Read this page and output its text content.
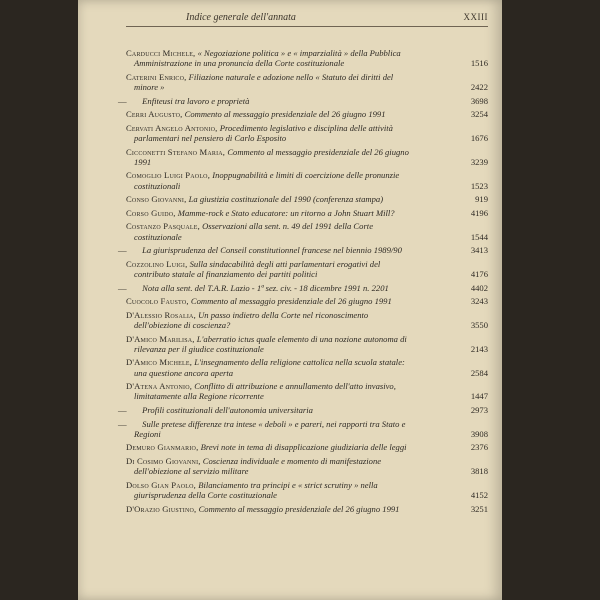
Indice generale dell'annata	XXIII
Carducci Michele, « Negoziazione politica » e « imparzialità » della Pubblica Amministrazione in una pronuncia della Corte costituzionale	1516
Caterini Enrico, Filiazione naturale e adozione nello « Statuto dei diritti del minore »	2422
— Enfiteusi tra lavoro e proprietà	3698
Cerri Augusto, Commento al messaggio presidenziale del 26 giugno 1991	3254
Cervati Angelo Antonio, Procedimento legislativo e disciplina delle attività parlamentari nel pensiero di Carlo Esposito	1676
Cicconetti Stefano Maria, Commento al messaggio presidenziale del 26 giugno 1991	3239
Comoglio Luigi Paolo, Inoppugnabilità e limiti di coercizione delle pronunzie costituzionali	1523
Conso Giovanni, La giustizia costituzionale del 1990 (conferenza stampa)	919
Corso Guido, Mamme-rock e Stato educatore: un ritorno a John Stuart Mill?	4196
Costanzo Pasquale, Osservazioni alla sent. n. 49 del 1991 della Corte costituzionale	1544
— La giurisprudenza del Conseil constitutionnel francese nel biennio 1989/90	3413
Cozzolino Luigi, Sulla sindacabilità degli atti parlamentari erogativi del contributo statale al finanziamento dei partiti politici	4176
— Nota alla sent. del T.A.R. Lazio - 1ª sez. civ. - 18 dicembre 1991 n. 2201	4402
Cuocolo Fausto, Commento al messaggio presidenziale del 26 giugno 1991	3243
D'Alessio Rosalia, Un passo indietro della Corte nel riconoscimento dell'obiezione di coscienza?	3550
D'Amico Marilisa, L'aberratio ictus quale elemento di una nozione autonoma di rilevanza per il giudice costituzionale	2143
D'Amico Michele, L'insegnamento della religione cattolica nella scuola statale: una questione ancora aperta	2584
D'Atena Antonio, Conflitto di attribuzione e annullamento dell'atto invasivo, limitatamente alla Regione ricorrente	1447
— Profili costituzionali dell'autonomia universitaria	2973
— Sulle pretese differenze tra intese « deboli » e pareri, nei rapporti tra Stato e Regioni	3908
Demuro Gianmario, Brevi note in tema di disapplicazione giudiziaria delle leggi	2376
Di Cosimo Giovanni, Coscienza individuale e momento di manifestazione dell'obiezione al servizio militare	3818
Dolso Gian Paolo, Bilanciamento tra principi e « strict scrutiny » nella giurisprudenza della Corte costituzionale	4152
D'Orazio Giustino, Commento al messaggio presidenziale del 26 giugno 1991	3251
